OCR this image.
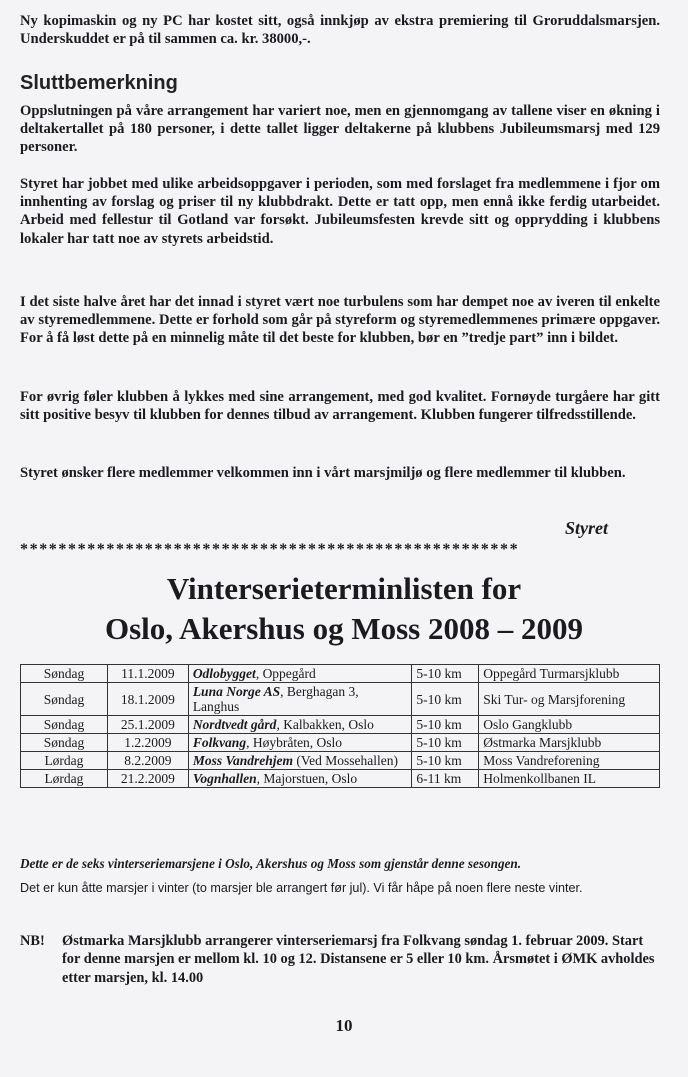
Ny kopimaskin og ny PC har kostet sitt, også innkjøp av ekstra premiering til Groruddalsmarsjen. Underskuddet er på til sammen ca. kr. 38000,-.
Sluttbemerkning
Oppslutningen på våre arrangement har variert noe, men en gjennomgang av tallene viser en økning i deltakertallet på 180 personer, i dette tallet ligger deltakerne på klubbens Jubileumsmarsj med 129 personer.
Styret har jobbet med ulike arbeidsoppgaver i perioden, som med forslaget fra medlemmene i fjor om innhenting av forslag og priser til ny klubbdrakt. Dette er tatt opp, men ennå ikke ferdig utarbeidet. Arbeid med fellestur til Gotland var forsøkt. Jubileumsfesten krevde sitt og opprydding i klubbens lokaler har tatt noe av styrets arbeidstid.
I det siste halve året har det innad i styret vært noe turbulens som har dempet noe av iveren til enkelte av styremedlemmene. Dette er forhold som går på styreform og styremedlemmenes primære oppgaver. For å få løst dette på en minnelig måte til det beste for klubben, bør en ”tredje part” inn i bildet.
For øvrig føler klubben å lykkes med sine arrangement, med god kvalitet. Fornøyde turgåere har gitt sitt positive besyv til klubben for dennes tilbud av arrangement. Klubben fungerer tilfredsstillende.
Styret ønsker flere medlemmer velkommen inn i vårt marsjmiljø og flere medlemmer til klubben.
Styret
****************************************************
Vinterserieterminlisten for
Oslo, Akershus og Moss 2008 – 2009
Søndag	11.1.2009	Odlobygget, Oppegård	5-10 km	Oppegård Turmarsjklubb
Søndag	18.1.2009	Luna Norge AS, Berghagan 3, Langhus	5-10 km	Ski Tur- og Marsjforening
Søndag	25.1.2009	Nordtvedt gård, Kalbakken, Oslo	5-10 km	Oslo Gangklubb
Søndag	1.2.2009	Folkvang, Høybråten, Oslo	5-10 km	Østmarka Marsjklubb
Lørdag	8.2.2009	Moss Vandrehjem (Ved Mossehallen)	5-10 km	Moss Vandreforening
Lørdag	21.2.2009	Vognhallen, Majorstuen, Oslo	6-11 km	Holmenkollbanen IL
Dette er de seks vinterseriemarsjene i Oslo, Akershus og Moss som gjenstår denne sesongen.
Det er kun åtte marsjer i vinter (to marsjer ble arrangert før jul). Vi får håpe på noen flere neste vinter.
NB! Østmarka Marsjklubb arrangerer vinterseriemarsj fra Folkvang søndag 1. februar 2009. Start for denne marsjen er mellom kl. 10 og 12. Distansene er 5 eller 10 km. Årsmøtet i ØMK avholdes etter marsjen, kl. 14.00
10
